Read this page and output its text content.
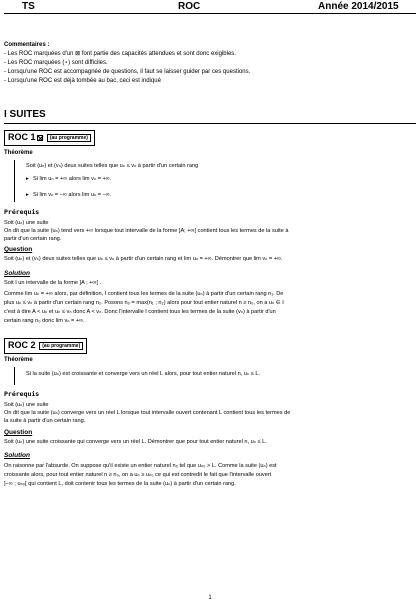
TS	ROC	Année 2014/2015
Commentaires :
- Les ROC marquées d'un ⊠ font partie des capacités attendues et sont donc exigibles.
- Les ROC marquées (⋆) sont difficiles.
- Lorsqu'une ROC est accompagnée de questions, il faut se laisser guider par ces questions.
- Lorsqu'une ROC est déjà tombée au bac, ceci est indiqué
I SUITES
ROC 1	(au programme)
Théorème
Soit (uₙ) et (vₙ) deux suites telles que uₙ ≤ vₙ à partir d'un certain rang
▸ Si lim uₙ = +∞ alors lim vₙ = +∞.
▸ Si lim vₙ = −∞ alors lim uₙ = −∞.
Prérequis
Soit (uₙ) une suite
On dit que la suite (uₙ) tend vers +∞ lorsque tout intervalle de la forme ]A; +∞[ contient tous les termes de la suite à
partir d'un certain rang.
Question
Soit (uₙ) et (vₙ) deux suites telles que uₙ ≤ vₙ à partir d'un certain rang et lim uₙ = +∞. Démontrer que lim vₙ = +∞.
Solution
Soit I un intervalle de la forme ]A ; +∞[ .
Comme lim uₙ = +∞ alors, par définition, I contient tous les termes de la suite (uₙ) à partir d'un certain rang n₁. De
plus uₙ ≤ vₙ à partir d'un certain rang n₂. Posons n₀ = max(n₁ ; n₂) alors pour tout entier naturel n ≥ n₀, on a uₙ ∈ I
c'est à dire A < uₙ et uₙ ≤ vₙ donc A < vₙ. Donc l'intervalle I contient tous les termes de la suite (vₙ) à partir d'un
certain rang n₀ donc lim vₙ = +∞.
ROC 2 (au programme)
Théorème
Si la suite (uₙ) est croissante et converge vers un réel L alors, pour tout entier naturel n, uₙ ≤ L.
Prérequis
Soit (uₙ) une suite
On dit que la suite (uₙ) converge vers un réel L lorsque tout intervalle ouvert contenant L contient tous les termes de
la suite à partir d'un certain rang.
Question
Soit (uₙ) une suite croissante qui converge vers un réel L. Démontrer que pour tout entier naturel n, uₙ ≤ L.
Solution
On raisonne par l'absurde. On suppose qu'il existe un entier naturel n₀ tel que uₙ₀ > L. Comme la suite (uₙ) est
croissante alors, pour tout entier naturel n ≥ n₀, on a uₙ ≥ uₙ₀ ce qui est contredit le fait que l'intervalle ouvert
]−∞ ; uₙ₀[ qui contient L, doit contenir tous les termes de la suite (uₙ) à partir d'un certain rang.
1
